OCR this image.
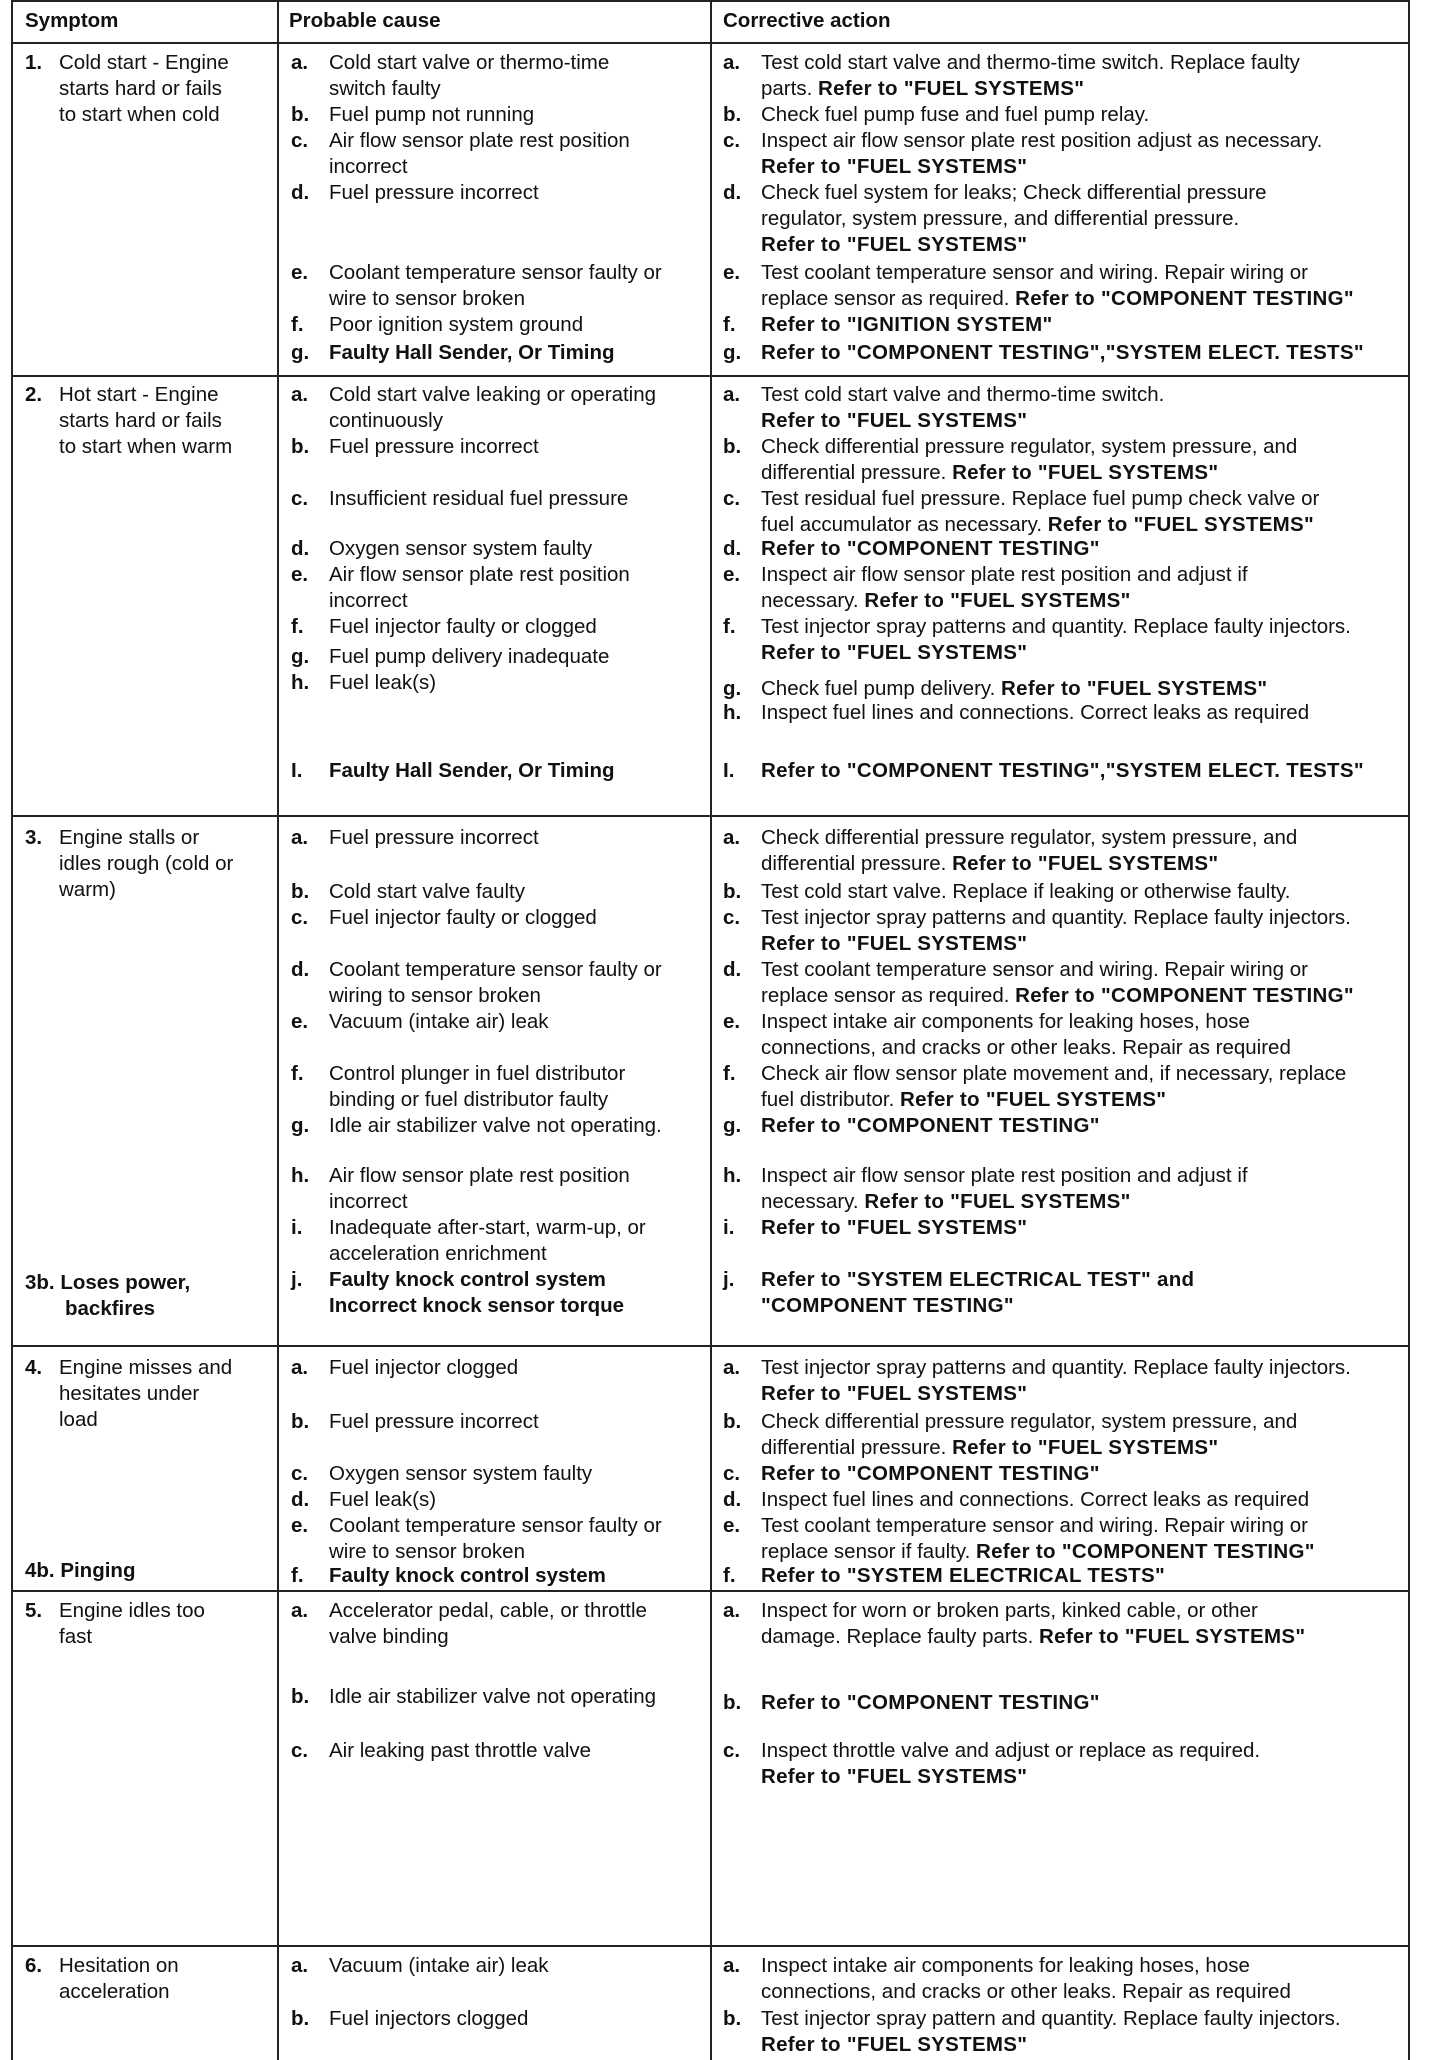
Symptom	Probable cause	Corrective action
1. Cold start - Engine
starts hard or fails
to start when cold
a. Cold start valve or thermo-time
switch faulty
b. Fuel pump not running
c. Air flow sensor plate rest position
incorrect
d. Fuel pressure incorrect
e. Coolant temperature sensor faulty or
wire to sensor broken
f. Poor ignition system ground
g. Faulty Hall Sender, Or Timing
a. Test cold start valve and thermo-time switch. Replace faulty
parts. Refer to "FUEL SYSTEMS"
b. Check fuel pump fuse and fuel pump relay.
c. Inspect air flow sensor plate rest position adjust as necessary.
Refer to "FUEL SYSTEMS"
d. Check fuel system for leaks; Check differential pressure
regulator, system pressure, and differential pressure.
Refer to "FUEL SYSTEMS"
e. Test coolant temperature sensor and wiring. Repair wiring or
replace sensor as required. Refer to "COMPONENT TESTING"
f. Refer to "IGNITION SYSTEM"
g. Refer to "COMPONENT TESTING","SYSTEM ELECT. TESTS"
2. Hot start - Engine
starts hard or fails
to start when warm
a. Cold start valve leaking or operating
continuously
b. Fuel pressure incorrect
c. Insufficient residual fuel pressure
d. Oxygen sensor system faulty
e. Air flow sensor plate rest position
incorrect
f. Fuel injector faulty or clogged
g. Fuel pump delivery inadequate
h. Fuel leak(s)
I. Faulty Hall Sender, Or Timing
a. Test cold start valve and thermo-time switch.
Refer to "FUEL SYSTEMS"
b. Check differential pressure regulator, system pressure, and
differential pressure. Refer to "FUEL SYSTEMS"
c. Test residual fuel pressure. Replace fuel pump check valve or
fuel accumulator as necessary. Refer to "FUEL SYSTEMS"
d. Refer to "COMPONENT TESTING"
e. Inspect air flow sensor plate rest position and adjust if
necessary. Refer to "FUEL SYSTEMS"
f. Test injector spray patterns and quantity. Replace faulty injectors.
Refer to "FUEL SYSTEMS"
g. Check fuel pump delivery. Refer to "FUEL SYSTEMS"
h. Inspect fuel lines and connections. Correct leaks as required
I. Refer to "COMPONENT TESTING","SYSTEM ELECT. TESTS"
3. Engine stalls or
idles rough (cold or
warm)
3b. Loses power,
backfires
a. Fuel pressure incorrect
b. Cold start valve faulty
c. Fuel injector faulty or clogged
d. Coolant temperature sensor faulty or
wiring to sensor broken
e. Vacuum (intake air) leak
f. Control plunger in fuel distributor
binding or fuel distributor faulty
g. Idle air stabilizer valve not operating.
h. Air flow sensor plate rest position
incorrect
i. Inadequate after-start, warm-up, or
acceleration enrichment
j. Faulty knock control system
Incorrect knock sensor torque
a. Check differential pressure regulator, system pressure, and
differential pressure. Refer to "FUEL SYSTEMS"
b. Test cold start valve. Replace if leaking or otherwise faulty.
c. Test injector spray patterns and quantity. Replace faulty injectors.
Refer to "FUEL SYSTEMS"
d. Test coolant temperature sensor and wiring. Repair wiring or
replace sensor as required. Refer to "COMPONENT TESTING"
e. Inspect intake air components for leaking hoses, hose
connections, and cracks or other leaks. Repair as required
f. Check air flow sensor plate movement and, if necessary, replace
fuel distributor. Refer to "FUEL SYSTEMS"
g. Refer to "COMPONENT TESTING"
h. Inspect air flow sensor plate rest position and adjust if
necessary. Refer to "FUEL SYSTEMS"
i. Refer to "FUEL SYSTEMS"
j. Refer to "SYSTEM ELECTRICAL TEST" and
"COMPONENT TESTING"
4. Engine misses and
hesitates under
load
4b. Pinging
a. Fuel injector clogged
b. Fuel pressure incorrect
c. Oxygen sensor system faulty
d. Fuel leak(s)
e. Coolant temperature sensor faulty or
wire to sensor broken
f. Faulty knock control system
a. Test injector spray patterns and quantity. Replace faulty injectors.
Refer to "FUEL SYSTEMS"
b. Check differential pressure regulator, system pressure, and
differential pressure. Refer to "FUEL SYSTEMS"
c. Refer to "COMPONENT TESTING"
d. Inspect fuel lines and connections. Correct leaks as required
e. Test coolant temperature sensor and wiring. Repair wiring or
replace sensor if faulty. Refer to "COMPONENT TESTING"
f. Refer to "SYSTEM ELECTRICAL TESTS"
5. Engine idles too
fast
a. Accelerator pedal, cable, or throttle
valve binding
b. Idle air stabilizer valve not operating
c. Air leaking past throttle valve
a. Inspect for worn or broken parts, kinked cable, or other
damage. Replace faulty parts. Refer to "FUEL SYSTEMS"
b. Refer to "COMPONENT TESTING"
c. Inspect throttle valve and adjust or replace as required.
Refer to "FUEL SYSTEMS"
6. Hesitation on
acceleration
a. Vacuum (intake air) leak
b. Fuel injectors clogged
a. Inspect intake air components for leaking hoses, hose
connections, and cracks or other leaks. Repair as required
b. Test injector spray pattern and quantity. Replace faulty injectors.
Refer to "FUEL SYSTEMS"
